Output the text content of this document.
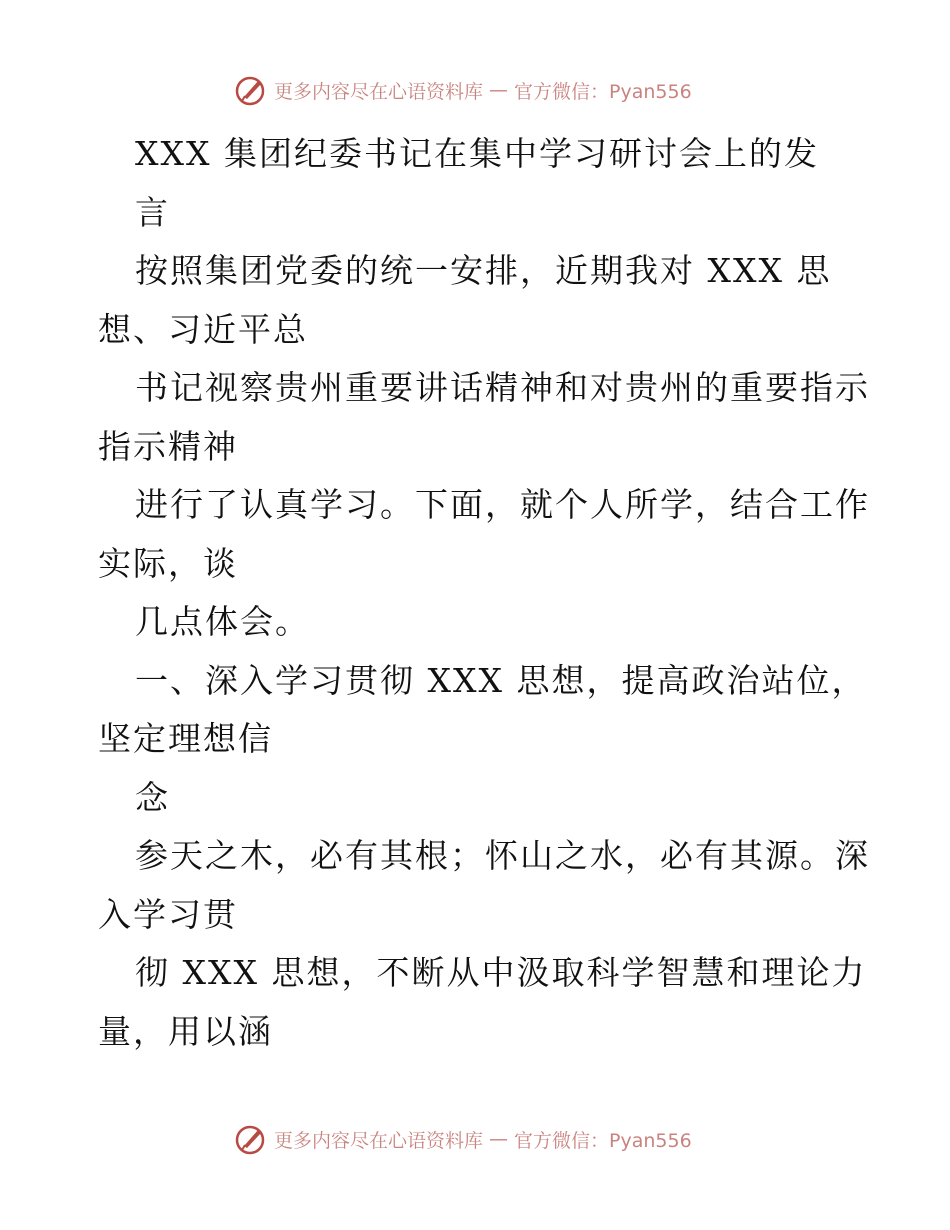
更多内容尽在心语资料库 — 官方微信：Pyan556
XXX 集团纪委书记在集中学习研讨会上的发
言
按照集团党委的统一安排，近期我对 XXX 思
想、习近平总
书记视察贵州重要讲话精神和对贵州的重要指示
指示精神
进行了认真学习。下面，就个人所学，结合工作
实际，谈
几点体会。
一、深入学习贯彻 XXX 思想，提高政治站位，
坚定理想信
念
参天之木，必有其根；怀山之水，必有其源。深
入学习贯
彻 XXX 思想，不断从中汲取科学智慧和理论力
量，用以涵
更多内容尽在心语资料库 — 官方微信：Pyan556
